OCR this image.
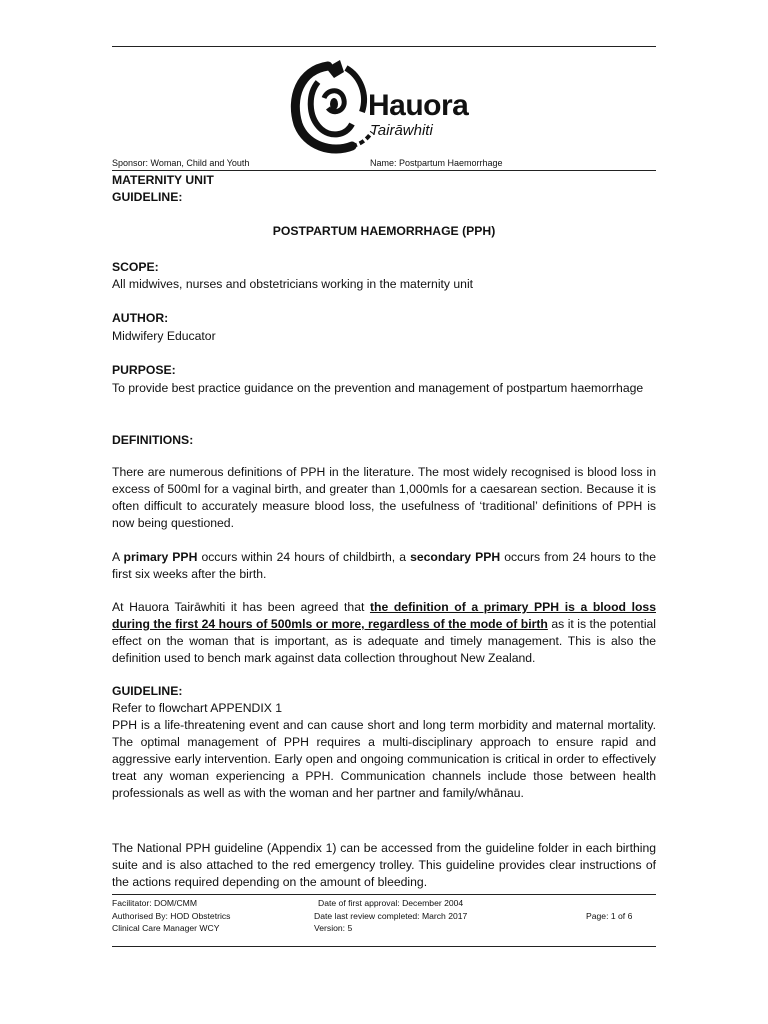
Hauora
Tairāwhiti
Sponsor: Woman, Child and Youth	Name: Postpartum Haemorrhage
MATERNITY UNIT
GUIDELINE:
POSTPARTUM HAEMORRHAGE (PPH)
SCOPE:
All midwives, nurses and obstetricians working in the maternity unit
AUTHOR:
Midwifery Educator
PURPOSE:
To provide best practice guidance on the prevention and management of postpartum haemorrhage
DEFINITIONS:
There are numerous definitions of PPH in the literature. The most widely recognised is blood loss in excess of 500ml for a vaginal birth, and greater than 1,000mls for a caesarean section. Because it is often difficult to accurately measure blood loss, the usefulness of ‘traditional’ definitions of PPH is now being questioned.
A primary PPH occurs within 24 hours of childbirth, a secondary PPH occurs from 24 hours to the first six weeks after the birth.
At Hauora Tairāwhiti it has been agreed that the definition of a primary PPH is a blood loss during the first 24 hours of 500mls or more, regardless of the mode of birth as it is the potential effect on the woman that is important, as is adequate and timely management. This is also the definition used to bench mark against data collection throughout New Zealand.
GUIDELINE:
Refer to flowchart APPENDIX 1
PPH is a life-threatening event and can cause short and long term morbidity and maternal mortality. The optimal management of PPH requires a multi-disciplinary approach to ensure rapid and aggressive early intervention. Early open and ongoing communication is critical in order to effectively treat any woman experiencing a PPH. Communication channels include those between health professionals as well as with the woman and her partner and family/whānau.
The National PPH guideline (Appendix 1) can be accessed from the guideline folder in each birthing suite and is also attached to the red emergency trolley. This guideline provides clear instructions of the actions required depending on the amount of bleeding.
Facilitator: DOM/CMM
Authorised By: HOD Obstetrics
Clinical Care Manager WCY
Date of first approval: December 2004
Date last review completed: March 2017
Version: 5
Page: 1 of 6
